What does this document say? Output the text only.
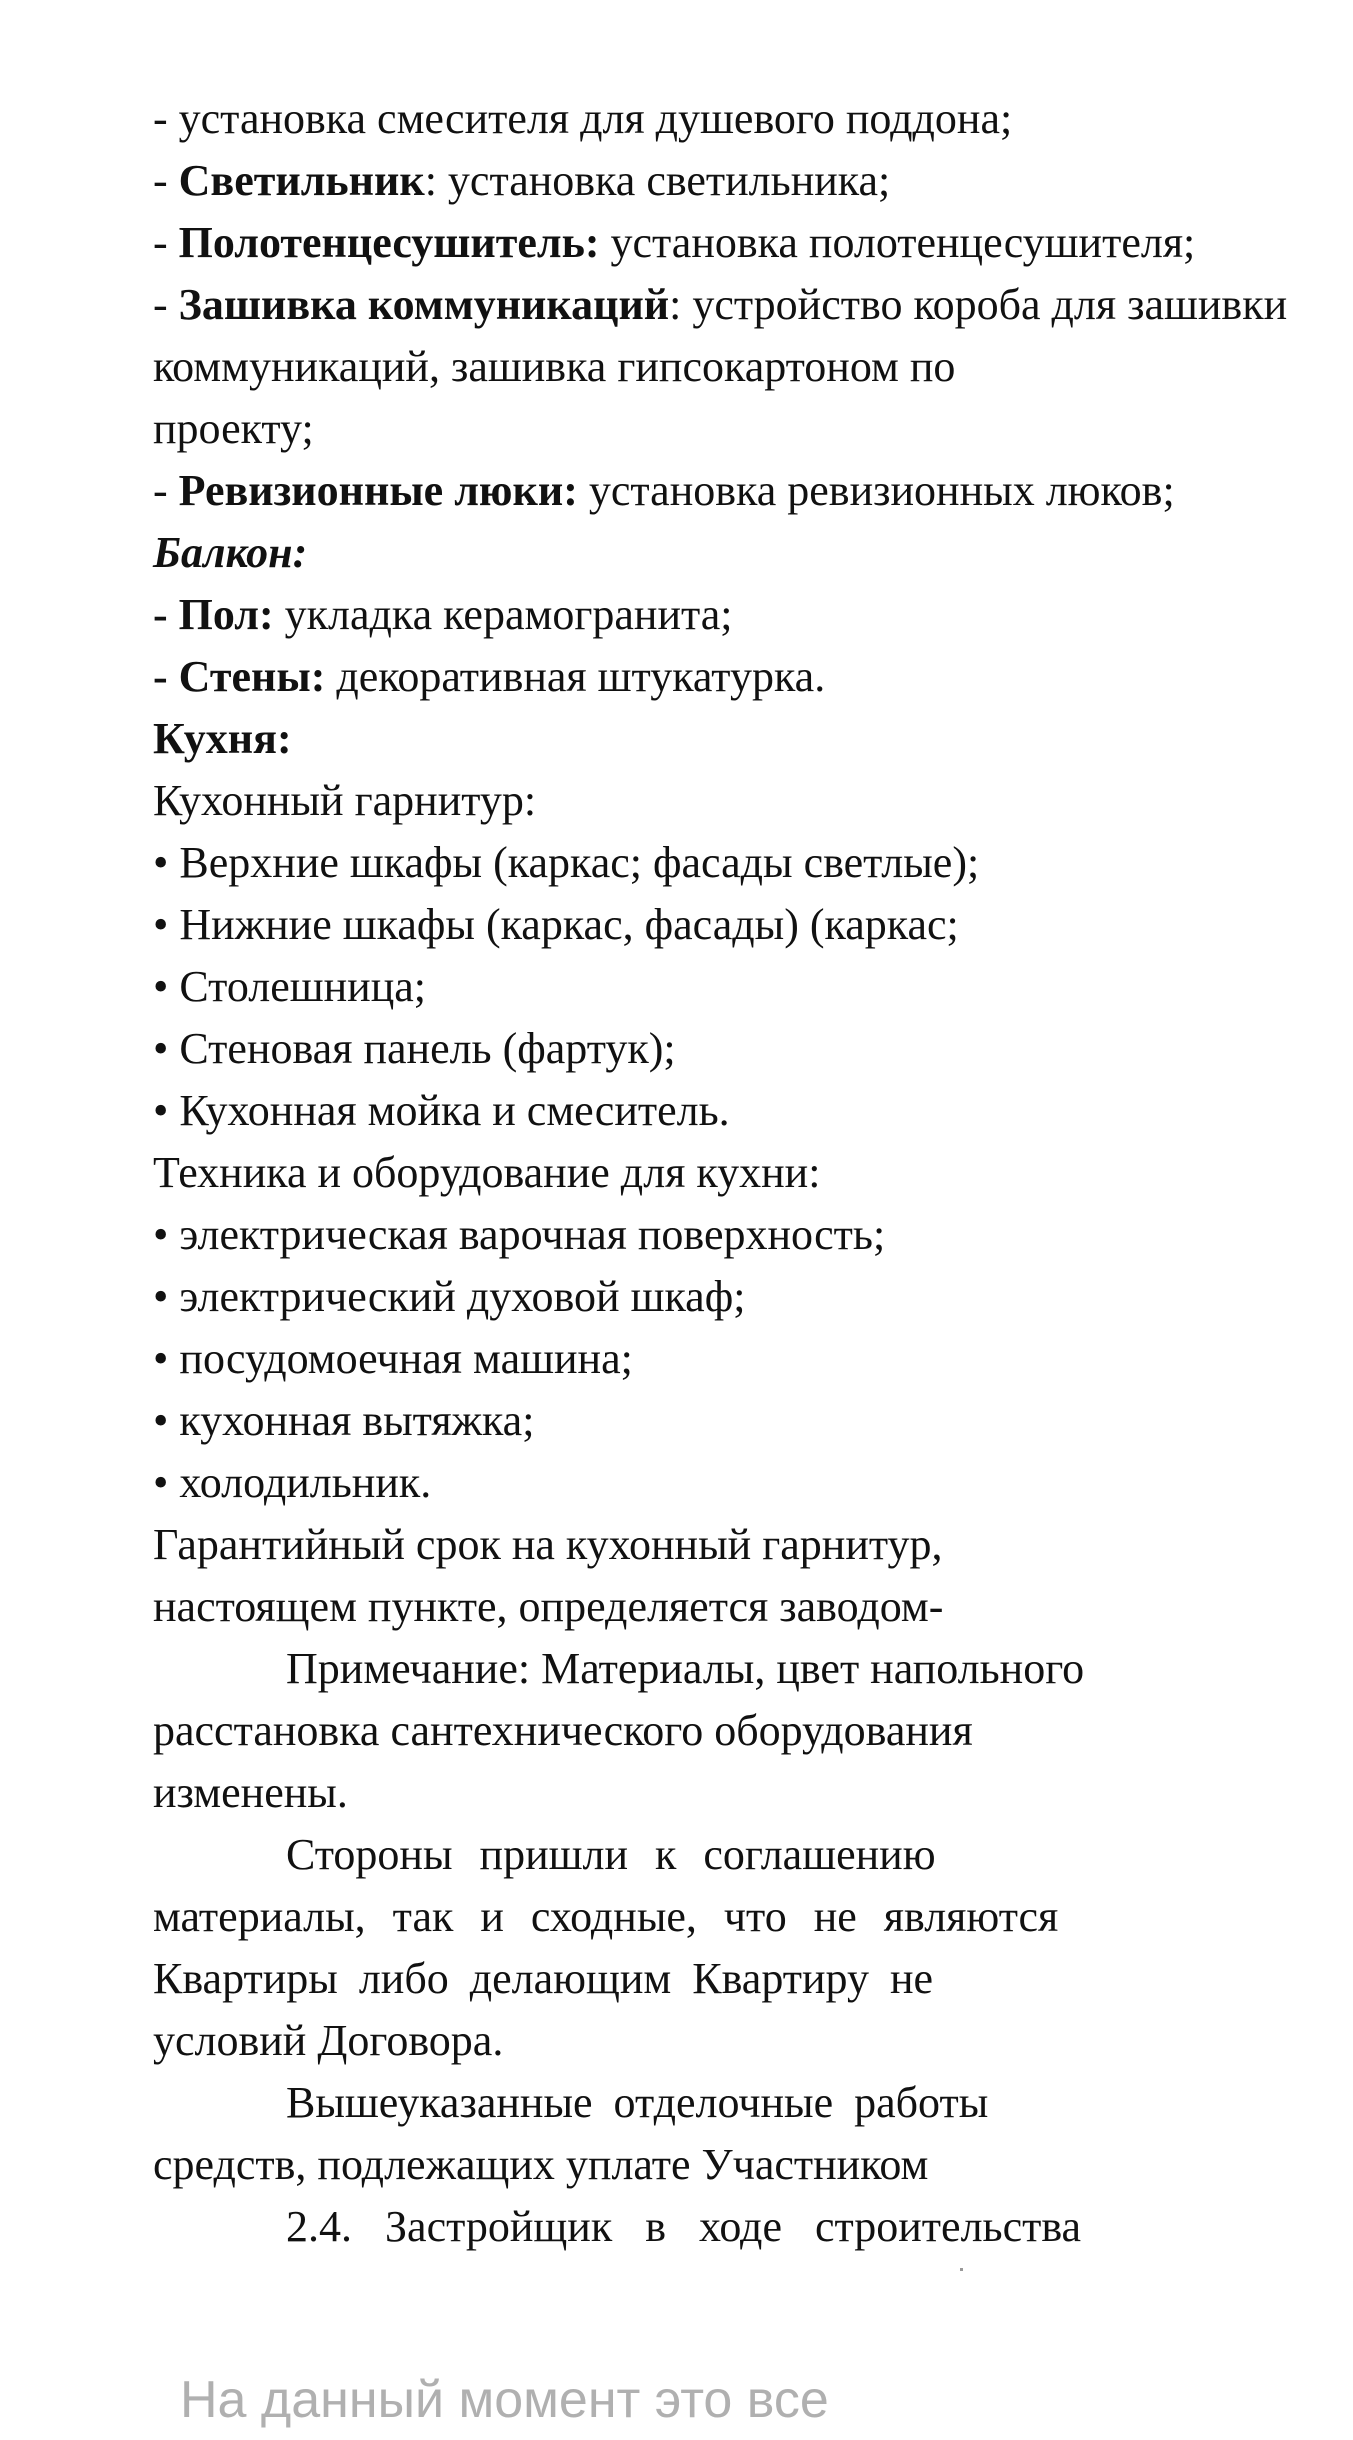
- установка смесителя для душевого поддона;
- Светильник: установка светильника;
- Полотенцесушитель: установка полотенцесушителя;
- Зашивка коммуникаций: устройство короба для зашивки
коммуникаций, зашивка гипсокартоном по
проекту;
- Ревизионные люки: установка ревизионных люков;
Балкон:
- Пол: укладка керамогранита;
- Стены: декоративная штукатурка.
Кухня:
Кухонный гарнитур:
• Верхние шкафы (каркас; фасады светлые);
• Нижние шкафы (каркас, фасады) (каркас;
• Столешница;
• Стеновая панель (фартук);
• Кухонная мойка и смеситель.
Техника и оборудование для кухни:
• электрическая варочная поверхность;
• электрический духовой шкаф;
• посудомоечная машина;
• кухонная вытяжка;
• холодильник.
Гарантийный срок на кухонный гарнитур,
настоящем пункте, определяется заводом-
Примечание: Материалы, цвет напольного
расстановка сантехнического оборудования
изменены.
Стороны пришли к соглашению
материалы, так и сходные, что не являются
Квартиры либо делающим Квартиру не
условий Договора.
Вышеуказанные отделочные работы
средств, подлежащих уплате Участником
2.4. Застройщик в ходе строительства
На данный момент это все
